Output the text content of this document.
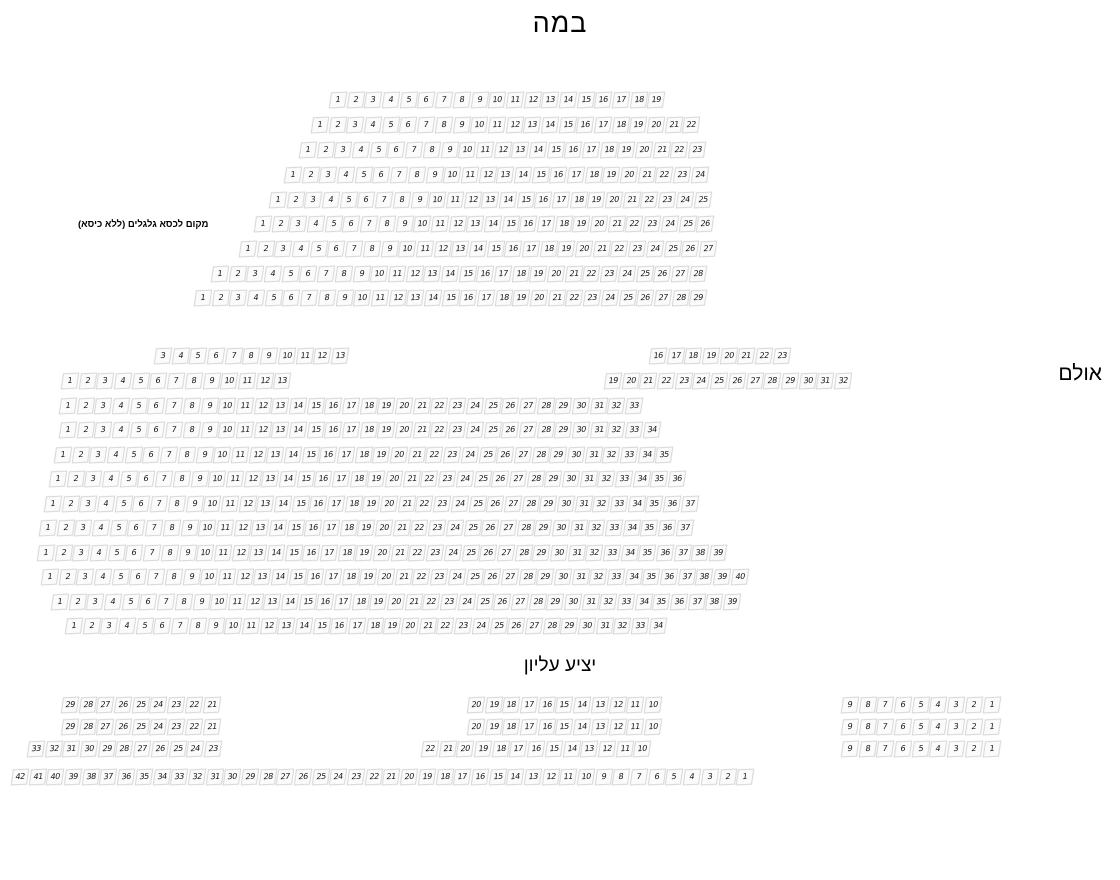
במה
אולם
יציע עליון
מקום לכסא גלגלים (ללא כיסא)
1 2 3 4 5 6 7 8 9 10 11 12 13 14 15 16 17 18 19
1 2 3 4 5 6 7 8 9 10 11 12 13 14 15 16 17 18 19 20 21 22
1 2 3 4 5 6 7 8 9 10 11 12 13 14 15 16 17 18 19 20 21 22 23
1 2 3 4 5 6 7 8 9 10 11 12 13 14 15 16 17 18 19 20 21 22 23 24
1 2 3 4 5 6 7 8 9 10 11 12 13 14 15 16 17 18 19 20 21 22 23 24 25
1 2 3 4 5 6 7 8 9 10 11 12 13 14 15 16 17 18 19 20 21 22 23 24 25 26
1 2 3 4 5 6 7 8 9 10 11 12 13 14 15 16 17 18 19 20 21 22 23 24 25 26 27
1 2 3 4 5 6 7 8 9 10 11 12 13 14 15 16 17 18 19 20 21 22 23 24 25 26 27 28
1 2 3 4 5 6 7 8 9 10 11 12 13 14 15 16 17 18 19 20 21 22 23 24 25 26 27 28 29
3 4 5 6 7 8 9 10 11 12 13	16 17 18 19 20 21 22 23
1 2 3 4 5 6 7 8 9 10 11 12 13	19 20 21 22 23 24 25 26 27 28 29 30 31 32
1 2 3 4 5 6 7 8 9 10 11 12 13 14 15 16 17 18 19 20 21 22 23 24 25 26 27 28 29 30 31 32 33
1 2 3 4 5 6 7 8 9 10 11 12 13 14 15 16 17 18 19 20 21 22 23 24 25 26 27 28 29 30 31 32 33 34
1 2 3 4 5 6 7 8 9 10 11 12 13 14 15 16 17 18 19 20 21 22 23 24 25 26 27 28 29 30 31 32 33 34 35
1 2 3 4 5 6 7 8 9 10 11 12 13 14 15 16 17 18 19 20 21 22 23 24 25 26 27 28 29 30 31 32 33 34 35 36
1 2 3 4 5 6 7 8 9 10 11 12 13 14 15 16 17 18 19 20 21 22 23 24 25 26 27 28 29 30 31 32 33 34 35 36 37
1 2 3 4 5 6 7 8 9 10 11 12 13 14 15 16 17 18 19 20 21 22 23 24 25 26 27 28 29 30 31 32 33 34 35 36 37
1 2 3 4 5 6 7 8 9 10 11 12 13 14 15 16 17 18 19 20 21 22 23 24 25 26 27 28 29 30 31 32 33 34 35 36 37 38 39
1 2 3 4 5 6 7 8 9 10 11 12 13 14 15 16 17 18 19 20 21 22 23 24 25 26 27 28 29 30 31 32 33 34 35 36 37 38 39 40
1 2 3 4 5 6 7 8 9 10 11 12 13 14 15 16 17 18 19 20 21 22 23 24 25 26 27 28 29 30 31 32 33 34 35 36 37 38 39
1 2 3 4 5 6 7 8 9 10 11 12 13 14 15 16 17 18 19 20 21 22 23 24 25 26 27 28 29 30 31 32 33 34
29 28 27 26 25 24 23 22 21
29 28 27 26 25 24 23 22 21
33 32 31 30 29 28 27 26 25 24 23
42 41 40 39 38 37 36 35 34 33 32 31 30 29 28 27 26 25 24 23 22 21 20 19 18 17 16 15 14 13 12 11 10 9 8 7 6 5 4 3 2 1
20 19 18 17 16 15 14 13 12 11 10
20 19 18 17 16 15 14 13 12 11 10
22 21 20 19 18 17 16 15 14 13 12 11 10
9 8 7 6 5 4 3 2 1
9 8 7 6 5 4 3 2 1
9 8 7 6 5 4 3 2 1
